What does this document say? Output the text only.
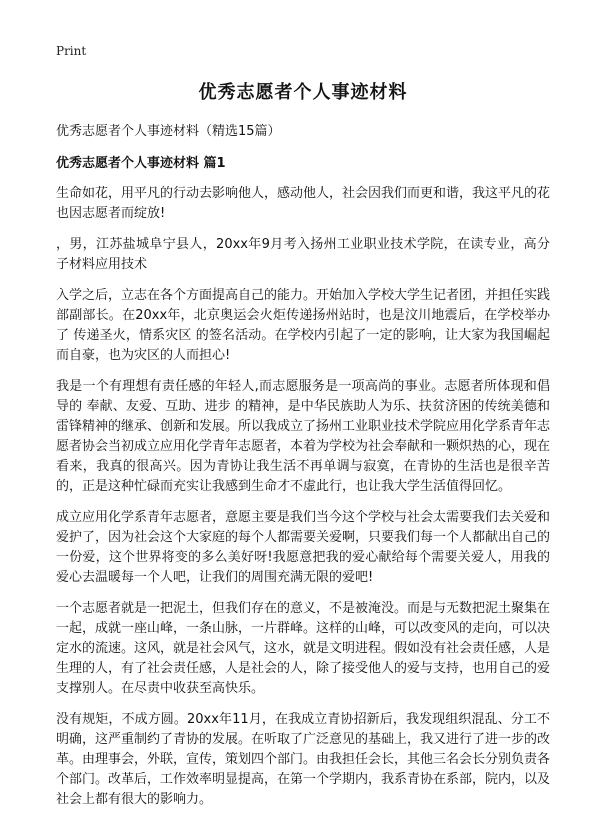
Print
优秀志愿者个人事迹材料
优秀志愿者个人事迹材料（精选15篇）
优秀志愿者个人事迹材料 篇1

生命如花，用平凡的行动去影响他人，感动他人，社会因我们而更和谐，我这平凡的花也因志愿者而绽放!

，男，江苏盐城阜宁县人，20xx年9月考入扬州工业职业技术学院，在读专业，高分子材料应用技术

入学之后，立志在各个方面提高自己的能力。开始加入学校大学生记者团，并担任实践部副部长。在20xx年，北京奥运会火炬传递扬州站时，也是汶川地震后，在学校举办了 传递圣火，情系灾区 的签名活动。在学校内引起了一定的影响，让大家为我国崛起而自豪，也为灾区的人而担心!

我是一个有理想有责任感的年轻人,而志愿服务是一项高尚的事业。志愿者所体现和倡导的 奉献、友爱、互助、进步 的精神，是中华民族助人为乐、扶贫济困的传统美德和雷锋精神的继承、创新和发展。所以我成立了扬州工业职业技术学院应用化学系青年志愿者协会当初成立应用化学青年志愿者，本着为学校为社会奉献和一颗炽热的心，现在看来，我真的很高兴。因为青协让我生活不再单调与寂寞，在青协的生活也是很辛苦的，正是这种忙碌而充实让我感到生命才不虚此行，也让我大学生活值得回忆。

成立应用化学系青年志愿者，意愿主要是我们当今这个学校与社会太需要我们去关爱和爱护了，因为社会这个大家庭的每个人都需要关爱啊，只要我们每一个人都献出自己的一份爱，这个世界将变的多么美好呀!我愿意把我的爱心献给每个需要关爱人，用我的爱心去温暖每一个人吧，让我们的周围充满无限的爱吧!

一个志愿者就是一把泥土，但我们存在的意义，不是被淹没。而是与无数把泥土聚集在一起，成就一座山峰，一条山脉，一片群峰。这样的山峰，可以改变风的走向，可以决定水的流速。这风，就是社会风气，这水，就是文明进程。假如没有社会责任感，人是生理的人，有了社会责任感，人是社会的人，除了接受他人的爱与支持，也用自己的爱支撑别人。在尽责中收获至高快乐。

没有规矩，不成方圆。20xx年11月，在我成立青协招新后，我发现组织混乱、分工不明确，这严重制约了青协的发展。在听取了广泛意见的基础上，我又进行了进一步的改革。由理事会，外联，宣传，策划四个部门。由我担任会长，其他三名会长分别负责各个部门。改革后，工作效率明显提高，在第一个学期内，我系青协在系部，院内，以及社会上都有很大的影响力。
